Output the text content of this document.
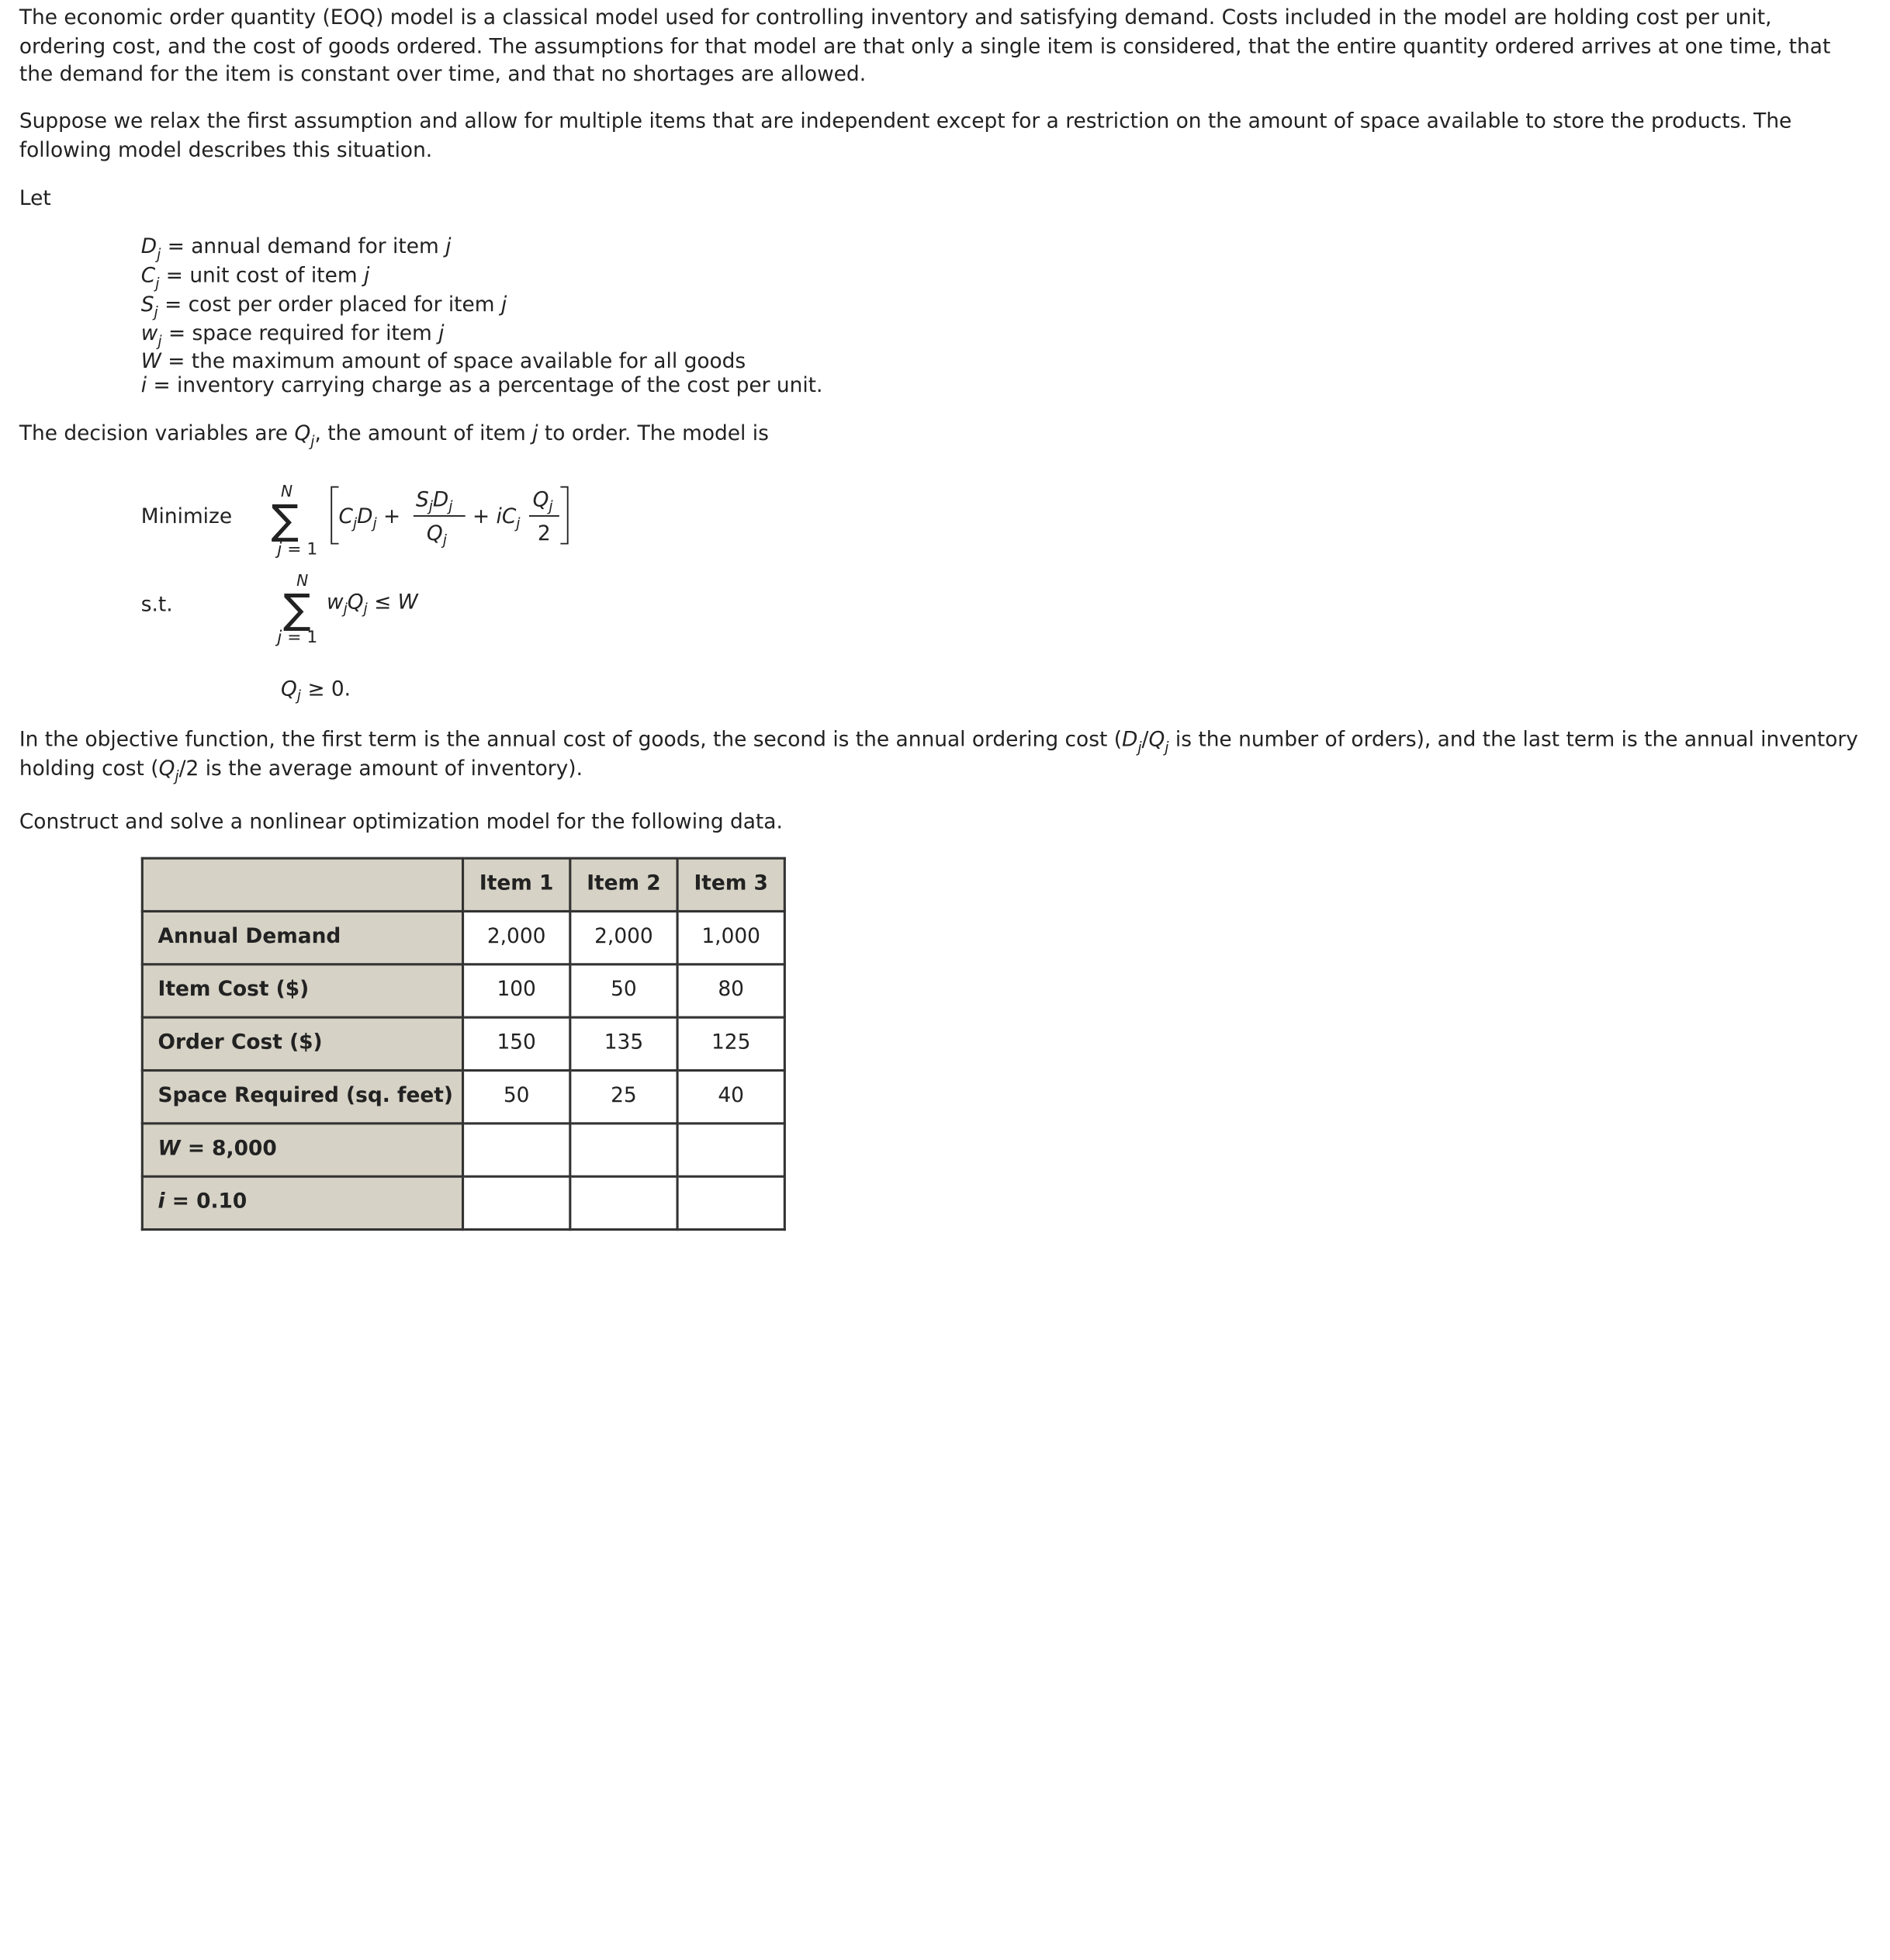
The economic order quantity (EOQ) model is a classical model used for controlling inventory and satisfying demand. Costs included in the model are holding cost per unit, ordering cost, and the cost of goods ordered. The assumptions for that model are that only a single item is considered, that the entire quantity ordered arrives at one time, that the demand for the item is constant over time, and that no shortages are allowed.

Suppose we relax the first assumption and allow for multiple items that are independent except for a restriction on the amount of space available to store the products. The following model describes this situation.

Let

$D_j$ = annual demand for item j
$C_j$ = unit cost of item j
$S_j = \cos t$ per order placed for item j
$w_j$ = space required for item j
W = the maximum amount of space available for all goods
i = inventory carrying charge as a percentage of the cost per unit.

The decision variables are $Q_j$, the amount of item j to order. The model is

Minimize
s.t.
N
∑
j = 1
$C_jD_j$ +
$S_jD_j$
$Q_j$
+ $iC_j$
$Q_j$
2
N
∑
j = 1
$w_jQ_j \le W$
$Q_j \ge 0$.

In the objective function, the first term is the annual cost of goods, the second is the annual ordering cost ($D_j/Q_j$ is the number of orders), and the last term is the annual inventory holding cost ($Q_j/2$ is the average amount of inventory).

Construct and solve a nonlinear optimization model for the following data.

	Item 1	Item 2	Item 3
Annual Demand	2,000	2,000	1,000
Item Cost ($)	100	50	80
Order Cost ($)	150	135	125
Space Required (sq. feet)	50	25	40
W = 8,000			
i = 0.10			
